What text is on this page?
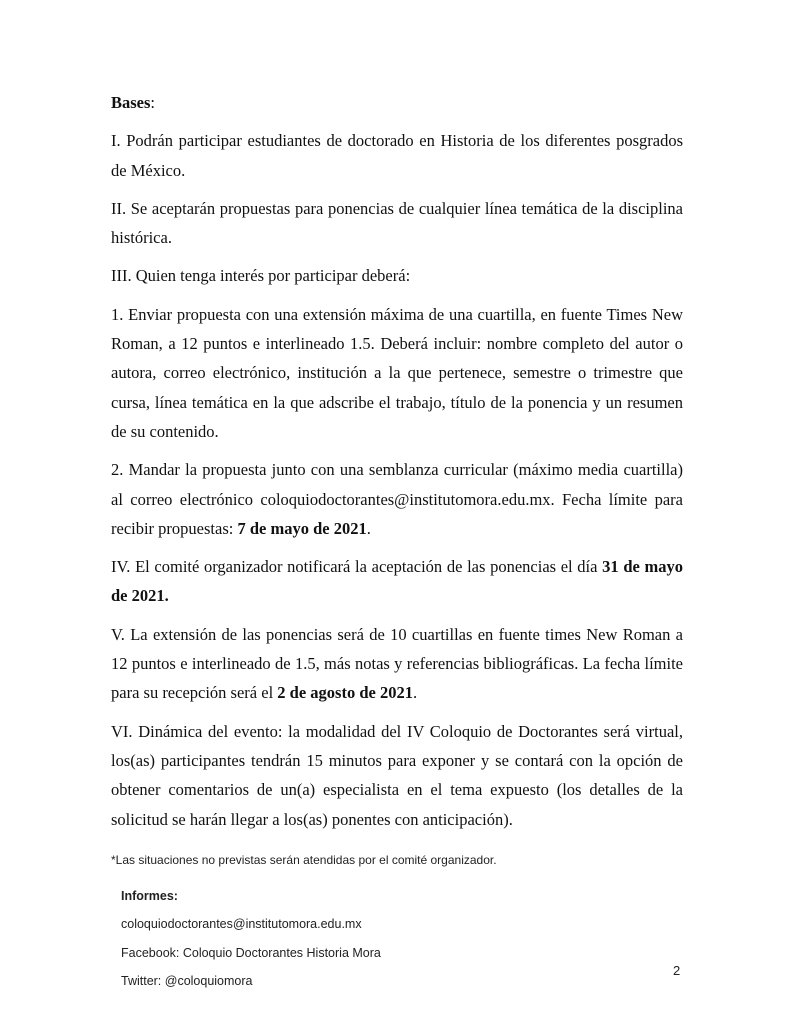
Bases:

I. Podrán participar estudiantes de doctorado en Historia de los diferentes posgrados de México.

II. Se aceptarán propuestas para ponencias de cualquier línea temática de la disciplina histórica.

III. Quien tenga interés por participar deberá:

1. Enviar propuesta con una extensión máxima de una cuartilla, en fuente Times New Roman, a 12 puntos e interlineado 1.5. Deberá incluir: nombre completo del autor o autora, correo electrónico, institución a la que pertenece, semestre o trimestre que cursa, línea temática en la que adscribe el trabajo, título de la ponencia y un resumen de su contenido.

2. Mandar la propuesta junto con una semblanza curricular (máximo media cuartilla) al correo electrónico coloquiodoctorantes@institutomora.edu.mx. Fecha límite para recibir propuestas: 7 de mayo de 2021.

IV. El comité organizador notificará la aceptación de las ponencias el día 31 de mayo de 2021.

V. La extensión de las ponencias será de 10 cuartillas en fuente times New Roman a 12 puntos e interlineado de 1.5, más notas y referencias bibliográficas. La fecha límite para su recepción será el 2 de agosto de 2021.

VI. Dinámica del evento: la modalidad del IV Coloquio de Doctorantes será virtual, los(as) participantes tendrán 15 minutos para exponer y se contará con la opción de obtener comentarios de un(a) especialista en el tema expuesto (los detalles de la solicitud se harán llegar a los(as) ponentes con anticipación).

*Las situaciones no previstas serán atendidas por el comité organizador.
Informes:
coloquiodoctorantes@institutomora.edu.mx
Facebook: Coloquio Doctorantes Historia Mora
Twitter: @coloquiomora
2
